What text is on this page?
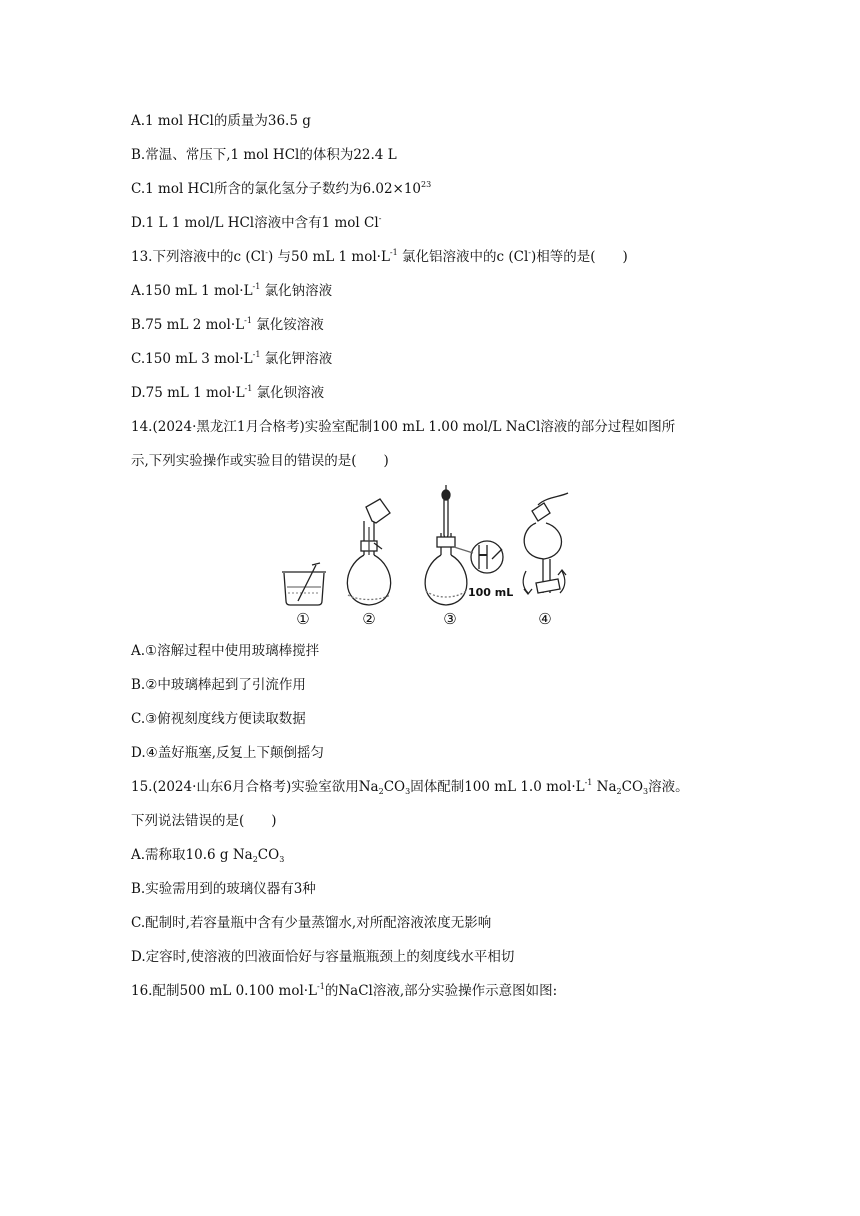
A.1 mol HCl的质量为36.5 g
B.常温、常压下,1 mol HCl的体积为22.4 L
C.1 mol HCl所含的氯化氢分子数约为$6.02\times 10^{23}$
D.1 L 1 mol/L HCl溶液中含有1 mol Cl-
13.下列溶液中的c (Cl-) 与50 mL 1 $mol\cdot L^{-1}$ 氯化铝溶液中的c (Cl-)相等的是(　　)
A.150 mL 1 $mol\cdot L^{-1}$ 氯化钠溶液
B.75 mL 2 $mol\cdot L^{-1}$ 氯化铵溶液
C.150 mL 3 $mol\cdot L^{-1}$ 氯化钾溶液
D.75 mL 1 $mol\cdot L^{-1}$ 氯化钡溶液
14.(2024·黑龙江1月合格考)实验室配制100 mL 1.00 mol/L NaCl溶液的部分过程如图所
示,下列实验操作或实验目的错误的是(　　)
①	②	③	④
100 mL
A.①溶解过程中使用玻璃棒搅拌
B.②中玻璃棒起到了引流作用
C.③俯视刻度线方便读取数据
D.④盖好瓶塞,反复上下颠倒摇匀
15.(2024·山东6月合格考)实验室欲用$Na_2CO_3$固体配制100 mL 1.0 $mol\cdot L^{-1}$ $Na_2CO_3$溶液。
下列说法错误的是(　　)
A.需称取10.6 g $Na_2CO_3$
B.实验需用到的玻璃仪器有3种
C.配制时,若容量瓶中含有少量蒸馏水,对所配溶液浓度无影响
D.定容时,使溶液的凹液面恰好与容量瓶瓶颈上的刻度线水平相切
16.配制500 mL 0.100 $mol\cdot L^{-1}$的NaCl溶液,部分实验操作示意图如图:
